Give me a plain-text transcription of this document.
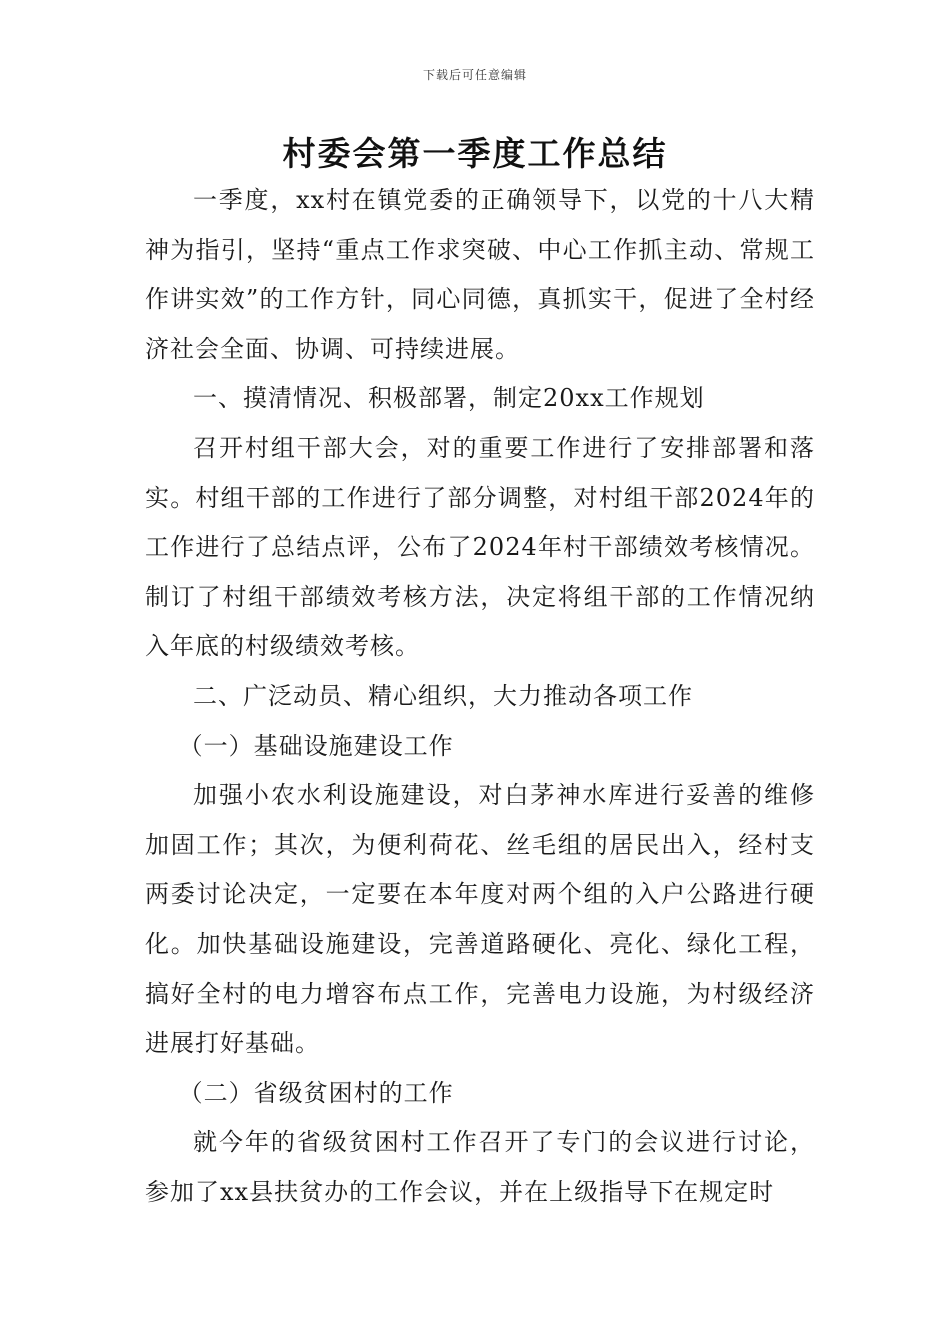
下载后可任意编辑
村委会第一季度工作总结

一季度，xx村在镇党委的正确领导下，以党的十八大精神为指引，坚持“重点工作求突破、中心工作抓主动、常规工作讲实效”的工作方针，同心同德，真抓实干，促进了全村经济社会全面、协调、可持续进展。

一、摸清情况、积极部署，制定20xx工作规划

召开村组干部大会，对的重要工作进行了安排部署和落实。村组干部的工作进行了部分调整，对村组干部2024年的工作进行了总结点评，公布了2024年村干部绩效考核情况。制订了村组干部绩效考核方法，决定将组干部的工作情况纳入年底的村级绩效考核。

二、广泛动员、精心组织，大力推动各项工作

（一）基础设施建设工作

加强小农水利设施建设，对白茅神水库进行妥善的维修加固工作；其次，为便利荷花、丝毛组的居民出入，经村支两委讨论决定，一定要在本年度对两个组的入户公路进行硬化。加快基础设施建设，完善道路硬化、亮化、绿化工程，搞好全村的电力增容布点工作，完善电力设施，为村级经济进展打好基础。

（二）省级贫困村的工作

就今年的省级贫困村工作召开了专门的会议进行讨论，参加了xx县扶贫办的工作会议，并在上级指导下在规定时
